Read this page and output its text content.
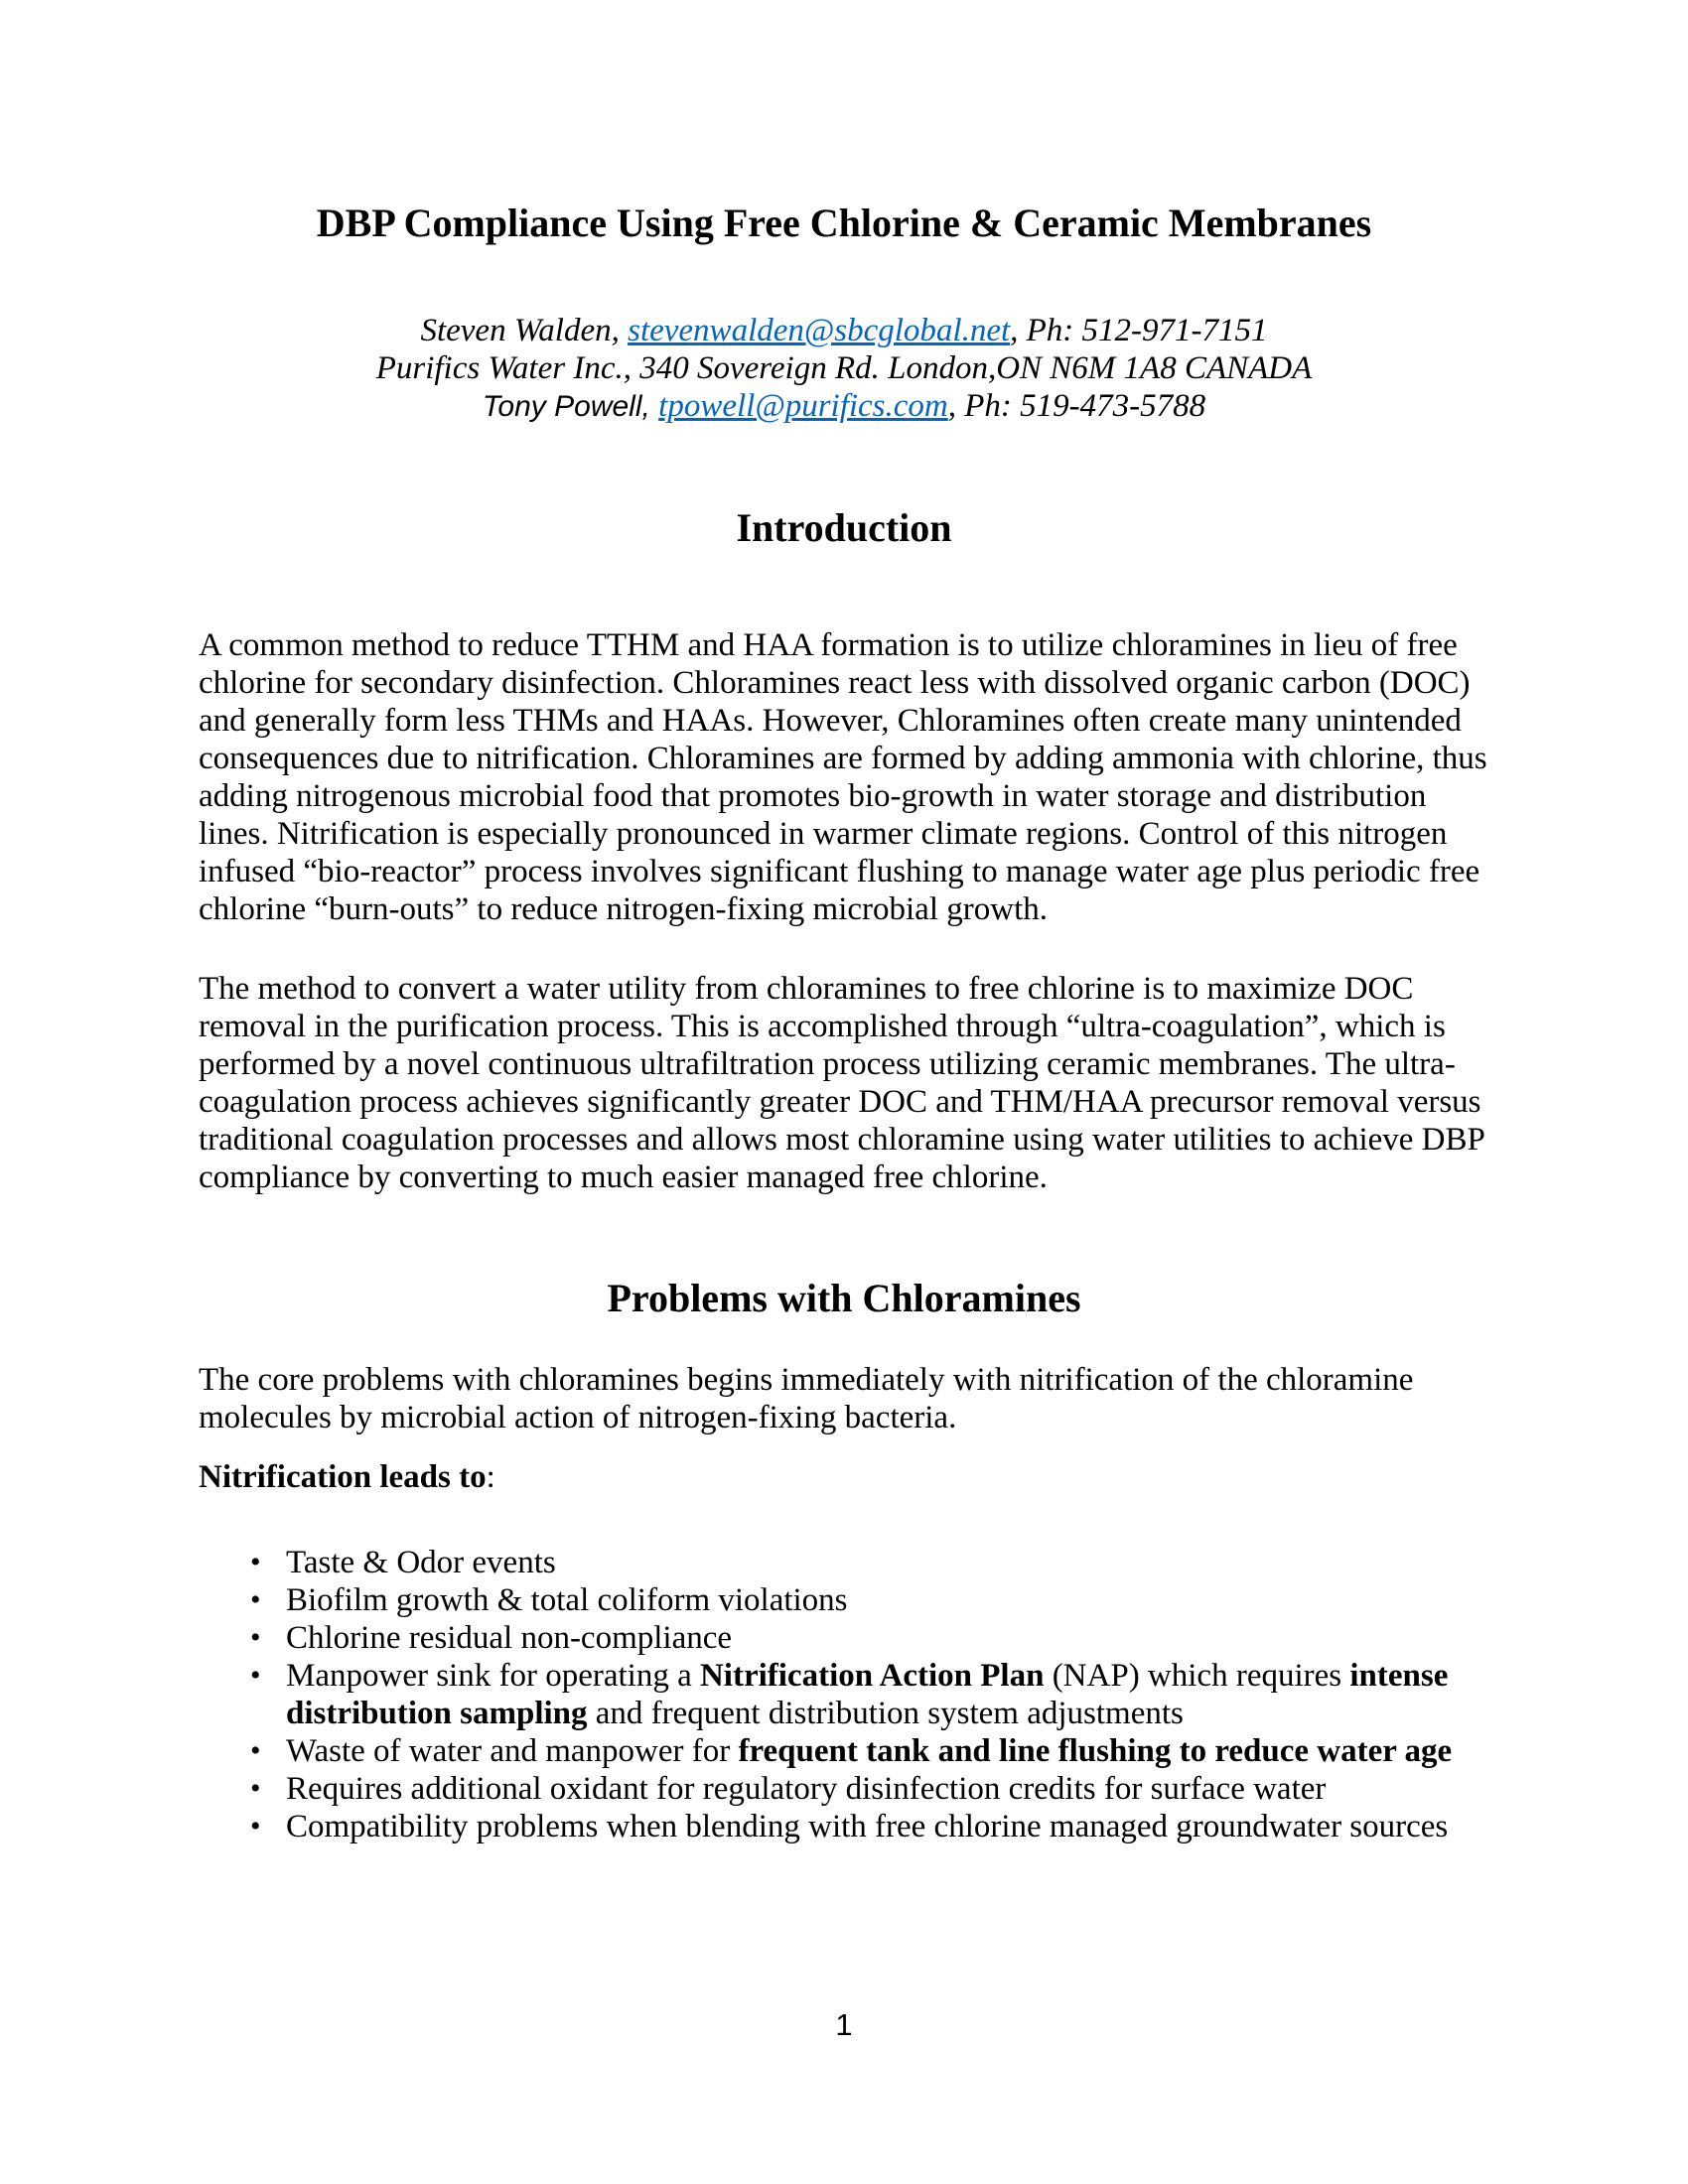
DBP Compliance Using Free Chlorine & Ceramic Membranes

Steven Walden, stevenwalden@sbcglobal.net, Ph: 512-971-7151

Purifics Water Inc., 340 Sovereign Rd. London,ON N6M 1A8 CANADA

Tony Powell, tpowell@purifics.com, Ph: 519-473-5788

Introduction

A common method to reduce TTHM and HAA formation is to utilize chloramines in lieu of free chlorine for secondary disinfection. Chloramines react less with dissolved organic carbon (DOC) and generally form less THMs and HAAs. However, Chloramines often create many unintended consequences due to nitrification. Chloramines are formed by adding ammonia with chlorine, thus adding nitrogenous microbial food that promotes bio-growth in water storage and distribution lines. Nitrification is especially pronounced in warmer climate regions. Control of this nitrogen infused “bio-reactor” process involves significant flushing to manage water age plus periodic free chlorine “burn-outs” to reduce nitrogen-fixing microbial growth.

The method to convert a water utility from chloramines to free chlorine is to maximize DOC removal in the purification process. This is accomplished through “ultra-coagulation”, which is performed by a novel continuous ultrafiltration process utilizing ceramic membranes. The ultra-coagulation process achieves significantly greater DOC and THM/HAA precursor removal versus traditional coagulation processes and allows most chloramine using water utilities to achieve DBP compliance by converting to much easier managed free chlorine.

Problems with Chloramines

The core problems with chloramines begins immediately with nitrification of the chloramine molecules by microbial action of nitrogen-fixing bacteria.

Nitrification leads to:

• Taste & Odor events
• Biofilm growth & total coliform violations
• Chlorine residual non-compliance
• Manpower sink for operating a Nitrification Action Plan (NAP) which requires intense distribution sampling and frequent distribution system adjustments
• Waste of water and manpower for frequent tank and line flushing to reduce water age
• Requires additional oxidant for regulatory disinfection credits for surface water
• Compatibility problems when blending with free chlorine managed groundwater sources
1
